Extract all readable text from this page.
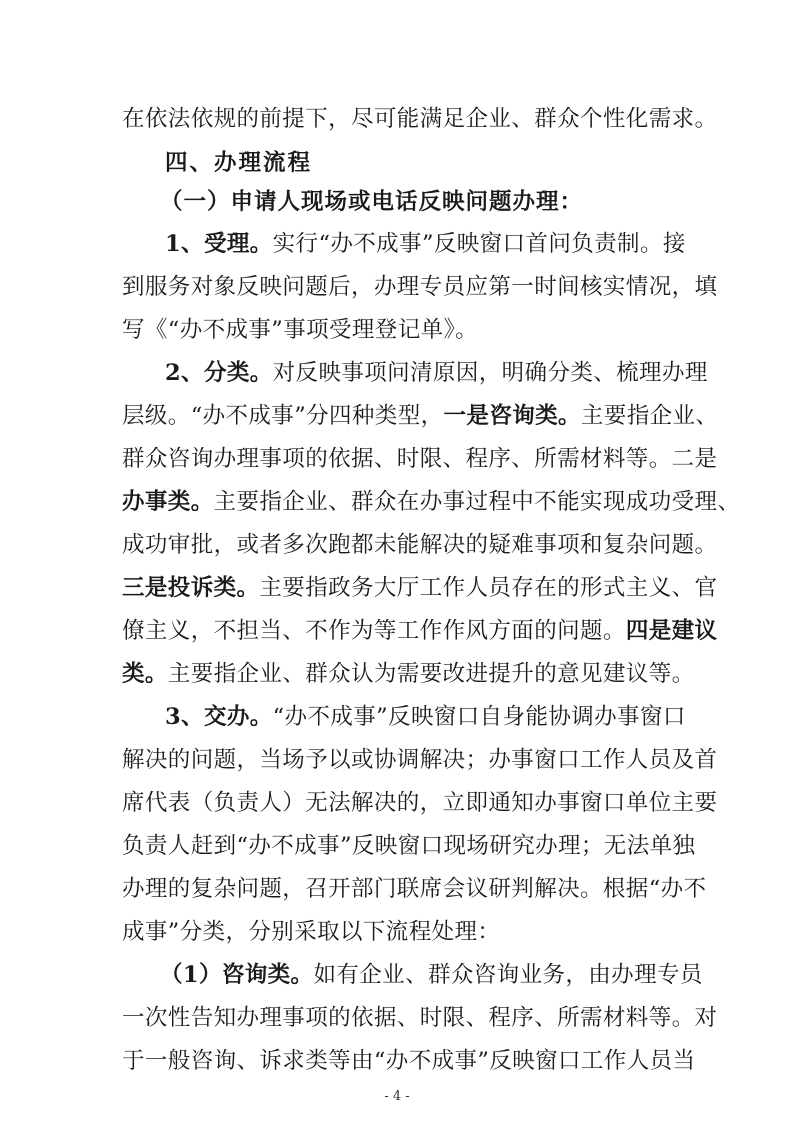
在依法依规的前提下，尽可能满足企业、群众个性化需求。
四、办理流程
（一）申请人现场或电话反映问题办理：
1、受理。实行“办不成事”反映窗口首问负责制。接
到服务对象反映问题后，办理专员应第一时间核实情况，填
写《“办不成事”事项受理登记单》。
2、分类。对反映事项问清原因，明确分类、梳理办理
层级。“办不成事”分四种类型，一是咨询类。主要指企业、
群众咨询办理事项的依据、时限、程序、所需材料等。二是
办事类。主要指企业、群众在办事过程中不能实现成功受理、
成功审批，或者多次跑都未能解决的疑难事项和复杂问题。
三是投诉类。主要指政务大厅工作人员存在的形式主义、官
僚主义，不担当、不作为等工作作风方面的问题。四是建议
类。主要指企业、群众认为需要改进提升的意见建议等。
3、交办。“办不成事”反映窗口自身能协调办事窗口
解决的问题，当场予以或协调解决；办事窗口工作人员及首
席代表（负责人）无法解决的，立即通知办事窗口单位主要
负责人赶到“办不成事”反映窗口现场研究办理；无法单独
办理的复杂问题，召开部门联席会议研判解决。根据“办不
成事”分类，分别采取以下流程处理：
（1）咨询类。如有企业、群众咨询业务，由办理专员
一次性告知办理事项的依据、时限、程序、所需材料等。对
于一般咨询、诉求类等由“办不成事”反映窗口工作人员当
- 4 -
